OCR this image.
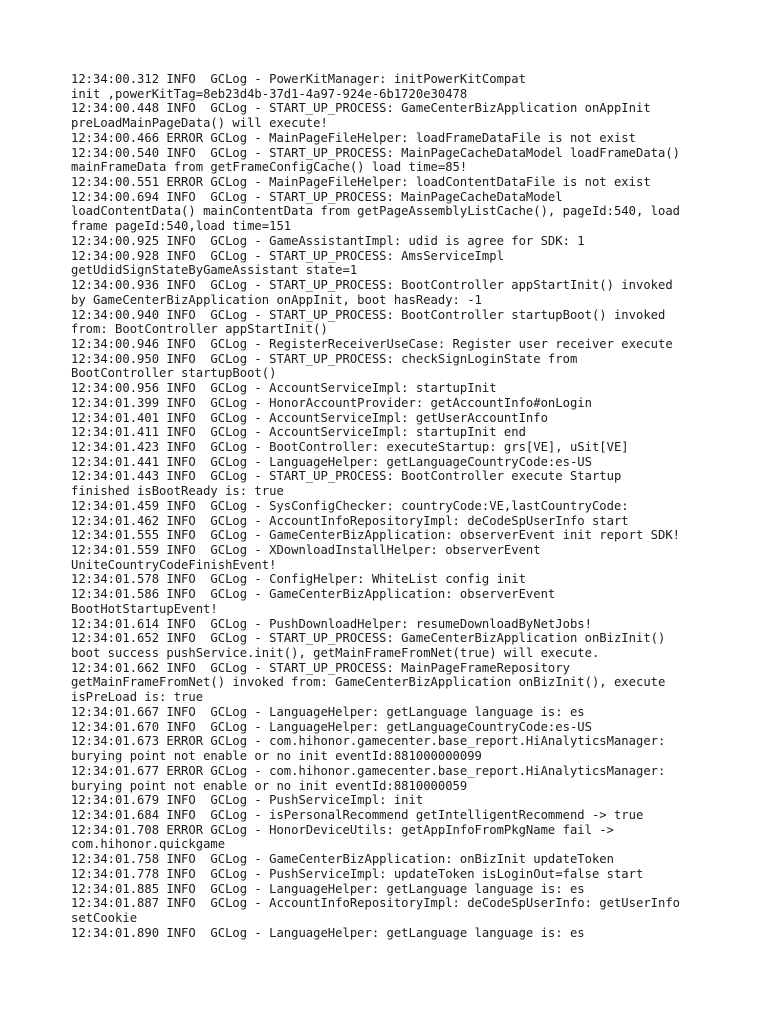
12:34:00.312 INFO  GCLog - PowerKitManager: initPowerKitCompat
init ,powerKitTag=8eb23d4b-37d1-4a97-924e-6b1720e30478
12:34:00.448 INFO  GCLog - START_UP_PROCESS: GameCenterBizApplication onAppInit
preLoadMainPageData() will execute!
12:34:00.466 ERROR GCLog - MainPageFileHelper: loadFrameDataFile is not exist
12:34:00.540 INFO  GCLog - START_UP_PROCESS: MainPageCacheDataModel loadFrameData()
mainFrameData from getFrameConfigCache() load time=85!
12:34:00.551 ERROR GCLog - MainPageFileHelper: loadContentDataFile is not exist
12:34:00.694 INFO  GCLog - START_UP_PROCESS: MainPageCacheDataModel
loadContentData() mainContentData from getPageAssemblyListCache(), pageId:540, load
frame pageId:540,load time=151
12:34:00.925 INFO  GCLog - GameAssistantImpl: udid is agree for SDK: 1
12:34:00.928 INFO  GCLog - START_UP_PROCESS: AmsServiceImpl
getUdidSignStateByGameAssistant state=1
12:34:00.936 INFO  GCLog - START_UP_PROCESS: BootController appStartInit() invoked
by GameCenterBizApplication onAppInit, boot hasReady: -1
12:34:00.940 INFO  GCLog - START_UP_PROCESS: BootController startupBoot() invoked
from: BootController appStartInit()
12:34:00.946 INFO  GCLog - RegisterReceiverUseCase: Register user receiver execute
12:34:00.950 INFO  GCLog - START_UP_PROCESS: checkSignLoginState from
BootController startupBoot()
12:34:00.956 INFO  GCLog - AccountServiceImpl: startupInit
12:34:01.399 INFO  GCLog - HonorAccountProvider: getAccountInfo#onLogin
12:34:01.401 INFO  GCLog - AccountServiceImpl: getUserAccountInfo
12:34:01.411 INFO  GCLog - AccountServiceImpl: startupInit end
12:34:01.423 INFO  GCLog - BootController: executeStartup: grs[VE], uSit[VE]
12:34:01.441 INFO  GCLog - LanguageHelper: getLanguageCountryCode:es-US
12:34:01.443 INFO  GCLog - START_UP_PROCESS: BootController execute Startup
finished isBootReady is: true
12:34:01.459 INFO  GCLog - SysConfigChecker: countryCode:VE,lastCountryCode:
12:34:01.462 INFO  GCLog - AccountInfoRepositoryImpl: deCodeSpUserInfo start
12:34:01.555 INFO  GCLog - GameCenterBizApplication: observerEvent init report SDK!
12:34:01.559 INFO  GCLog - XDownloadInstallHelper: observerEvent
UniteCountryCodeFinishEvent!
12:34:01.578 INFO  GCLog - ConfigHelper: WhiteList config init
12:34:01.586 INFO  GCLog - GameCenterBizApplication: observerEvent
BootHotStartupEvent!
12:34:01.614 INFO  GCLog - PushDownloadHelper: resumeDownloadByNetJobs!
12:34:01.652 INFO  GCLog - START_UP_PROCESS: GameCenterBizApplication onBizInit()
boot success pushService.init(), getMainFrameFromNet(true) will execute.
12:34:01.662 INFO  GCLog - START_UP_PROCESS: MainPageFrameRepository
getMainFrameFromNet() invoked from: GameCenterBizApplication onBizInit(), execute
isPreLoad is: true
12:34:01.667 INFO  GCLog - LanguageHelper: getLanguage language is: es
12:34:01.670 INFO  GCLog - LanguageHelper: getLanguageCountryCode:es-US
12:34:01.673 ERROR GCLog - com.hihonor.gamecenter.base_report.HiAnalyticsManager:
burying point not enable or no init eventId:881000000099
12:34:01.677 ERROR GCLog - com.hihonor.gamecenter.base_report.HiAnalyticsManager:
burying point not enable or no init eventId:8810000059
12:34:01.679 INFO  GCLog - PushServiceImpl: init
12:34:01.684 INFO  GCLog - isPersonalRecommend getIntelligentRecommend -> true
12:34:01.708 ERROR GCLog - HonorDeviceUtils: getAppInfoFromPkgName fail ->
com.hihonor.quickgame
12:34:01.758 INFO  GCLog - GameCenterBizApplication: onBizInit updateToken
12:34:01.778 INFO  GCLog - PushServiceImpl: updateToken isLoginOut=false start
12:34:01.885 INFO  GCLog - LanguageHelper: getLanguage language is: es
12:34:01.887 INFO  GCLog - AccountInfoRepositoryImpl: deCodeSpUserInfo: getUserInfo
setCookie
12:34:01.890 INFO  GCLog - LanguageHelper: getLanguage language is: es
